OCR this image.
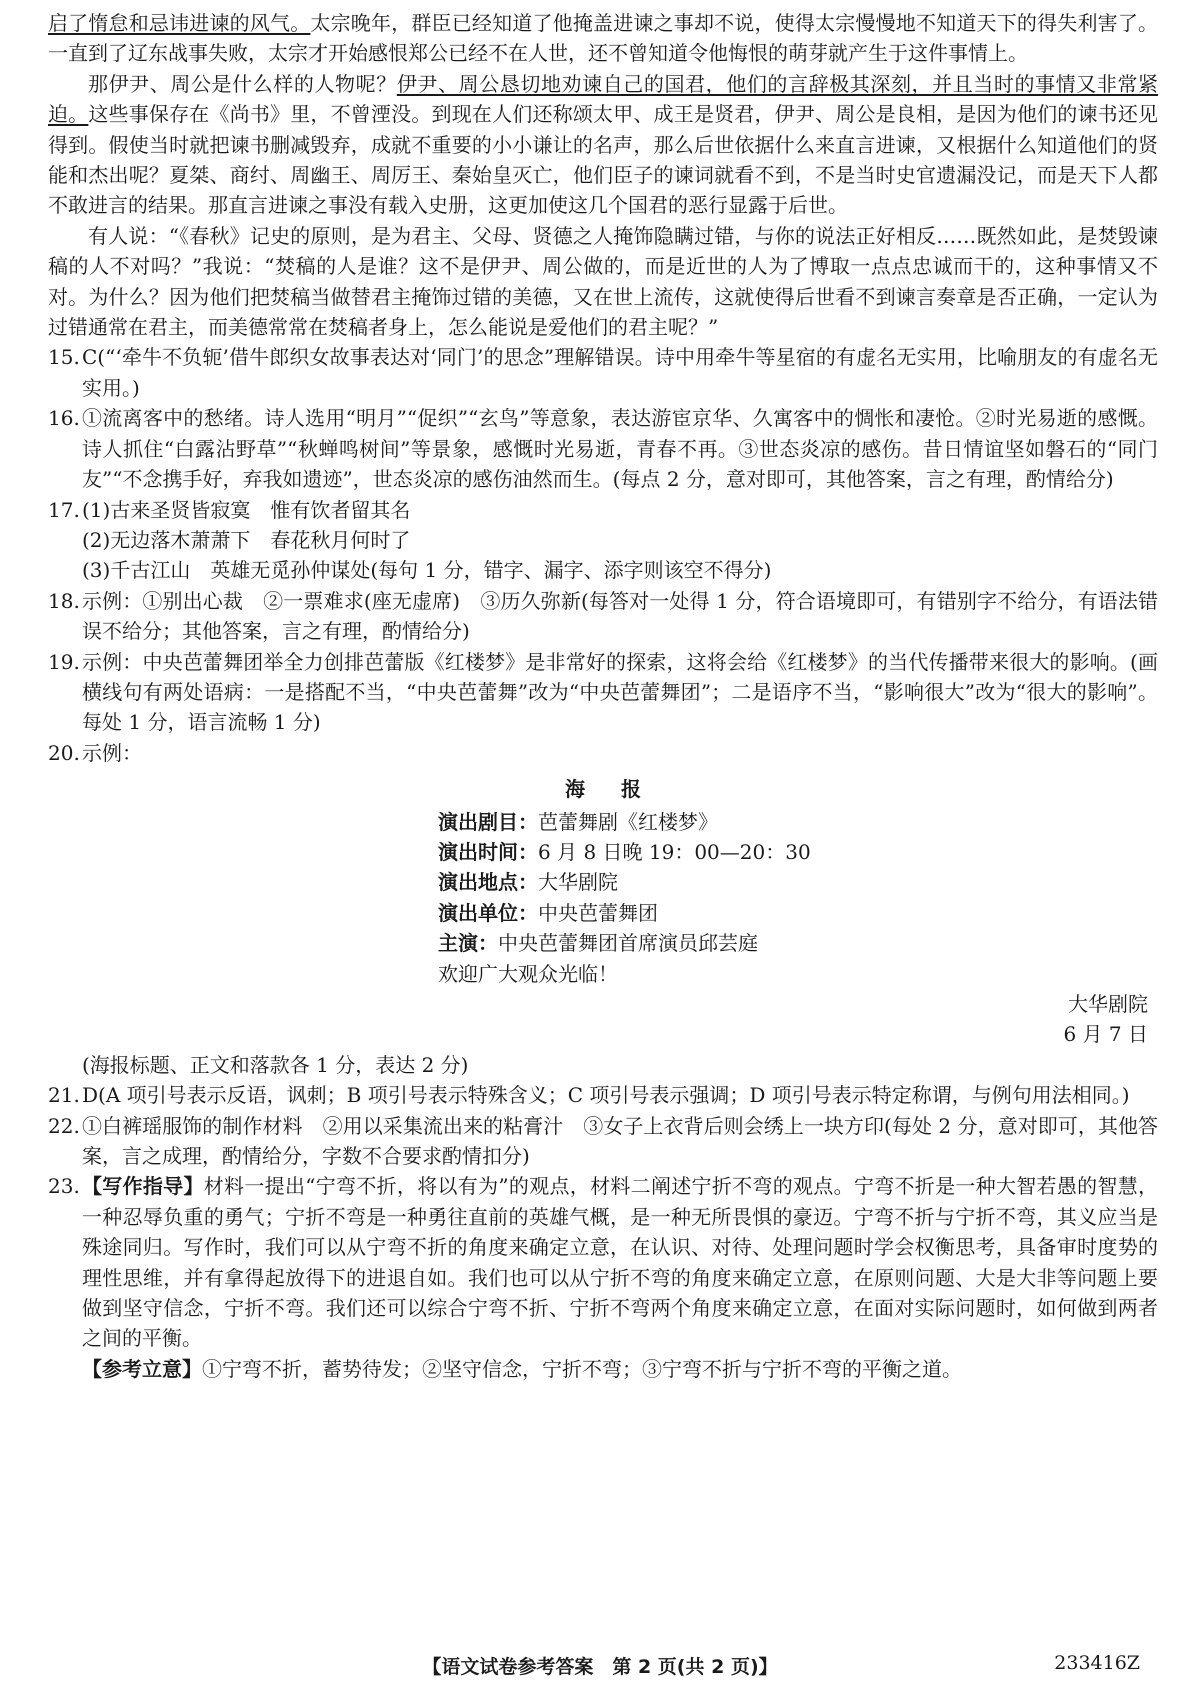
启了惰怠和忌讳进谏的风气。太宗晚年，群臣已经知道了他掩盖进谏之事却不说，使得太宗慢慢地不知道天下的得失利害了。一直到了辽东战事失败，太宗才开始感恨郑公已经不在人世，还不曾知道令他悔恨的萌芽就产生于这件事情上。

那伊尹、周公是什么样的人物呢？伊尹、周公恳切地劝谏自己的国君，他们的言辞极其深刻，并且当时的事情又非常紧迫。这些事保存在《尚书》里，不曾湮没。到现在人们还称颂太甲、成王是贤君，伊尹、周公是良相，是因为他们的谏书还见得到。假使当时就把谏书删减毁弃，成就不重要的小小谦让的名声，那么后世依据什么来直言进谏，又根据什么知道他们的贤能和杰出呢？夏桀、商纣、周幽王、周厉王、秦始皇灭亡，他们臣子的谏词就看不到，不是当时史官遗漏没记，而是天下人都不敢进言的结果。那直言进谏之事没有载入史册，这更加使这几个国君的恶行显露于后世。

有人说：“《春秋》记史的原则，是为君主、父母、贤德之人掩饰隐瞒过错，与你的说法正好相反……既然如此，是焚毁谏稿的人不对吗？”我说：“焚稿的人是谁？这不是伊尹、周公做的，而是近世的人为了博取一点点忠诚而干的，这种事情又不对。为什么？因为他们把焚稿当做替君主掩饰过错的美德，又在世上流传，这就使得后世看不到谏言奏章是否正确，一定认为过错通常在君主，而美德常常在焚稿者身上，怎么能说是爱他们的君主呢？”

15. C(“‘牵牛不负轭’借牛郎织女故事表达对‘同门’的思念”理解错误。诗中用牵牛等星宿的有虚名无实用，比喻朋友的有虚名无实用。)
16. ①流离客中的愁绪。诗人选用“明月”“促织”“玄鸟”等意象，表达游宦京华、久寓客中的惆怅和凄怆。②时光易逝的感慨。诗人抓住“白露沾野草”“秋蝉鸣树间”等景象，感慨时光易逝，青春不再。③世态炎凉的感伤。昔日情谊坚如磐石的“同门友”“不念携手好，弃我如遗迹”，世态炎凉的感伤油然而生。(每点 2 分，意对即可，其他答案，言之有理，酌情给分)
17. (1)古来圣贤皆寂寞　惟有饮者留其名
(2)无边落木萧萧下　春花秋月何时了
(3)千古江山　英雄无觅孙仲谋处(每句 1 分，错字、漏字、添字则该空不得分)
18. 示例：①别出心裁　②一票难求(座无虚席)　③历久弥新(每答对一处得 1 分，符合语境即可，有错别字不给分，有语法错误不给分；其他答案，言之有理，酌情给分)
19. 示例：中央芭蕾舞团举全力创排芭蕾版《红楼梦》是非常好的探索，这将会给《红楼梦》的当代传播带来很大的影响。(画横线句有两处语病：一是搭配不当，“中央芭蕾舞”改为“中央芭蕾舞团”；二是语序不当，“影响很大”改为“很大的影响”。每处 1 分，语言流畅 1 分)
20. 示例：
海报
演出剧目：芭蕾舞剧《红楼梦》
演出时间：6 月 8 日晚 19：00—20：30
演出地点：大华剧院
演出单位：中央芭蕾舞团
主演：中央芭蕾舞团首席演员邱芸庭
欢迎广大观众光临！
大华剧院
6 月 7 日
(海报标题、正文和落款各 1 分，表达 2 分)
21. D(A 项引号表示反语，讽刺；B 项引号表示特殊含义；C 项引号表示强调；D 项引号表示特定称谓，与例句用法相同。)
22. ①白裤瑶服饰的制作材料　②用以采集流出来的粘膏汁　③女子上衣背后则会绣上一块方印(每处 2 分，意对即可，其他答案，言之成理，酌情给分，字数不合要求酌情扣分)
23. 【写作指导】材料一提出“宁弯不折，将以有为”的观点，材料二阐述宁折不弯的观点。宁弯不折是一种大智若愚的智慧，一种忍辱负重的勇气；宁折不弯是一种勇往直前的英雄气概，是一种无所畏惧的豪迈。宁弯不折与宁折不弯，其义应当是殊途同归。写作时，我们可以从宁弯不折的角度来确定立意，在认识、对待、处理问题时学会权衡思考，具备审时度势的理性思维，并有拿得起放得下的进退自如。我们也可以从宁折不弯的角度来确定立意，在原则问题、大是大非等问题上要做到坚守信念，宁折不弯。我们还可以综合宁弯不折、宁折不弯两个角度来确定立意，在面对实际问题时，如何做到两者之间的平衡。
【参考立意】①宁弯不折，蓄势待发；②坚守信念，宁折不弯；③宁弯不折与宁折不弯的平衡之道。
【语文试卷参考答案　第 2 页(共 2 页)】	233416Z
